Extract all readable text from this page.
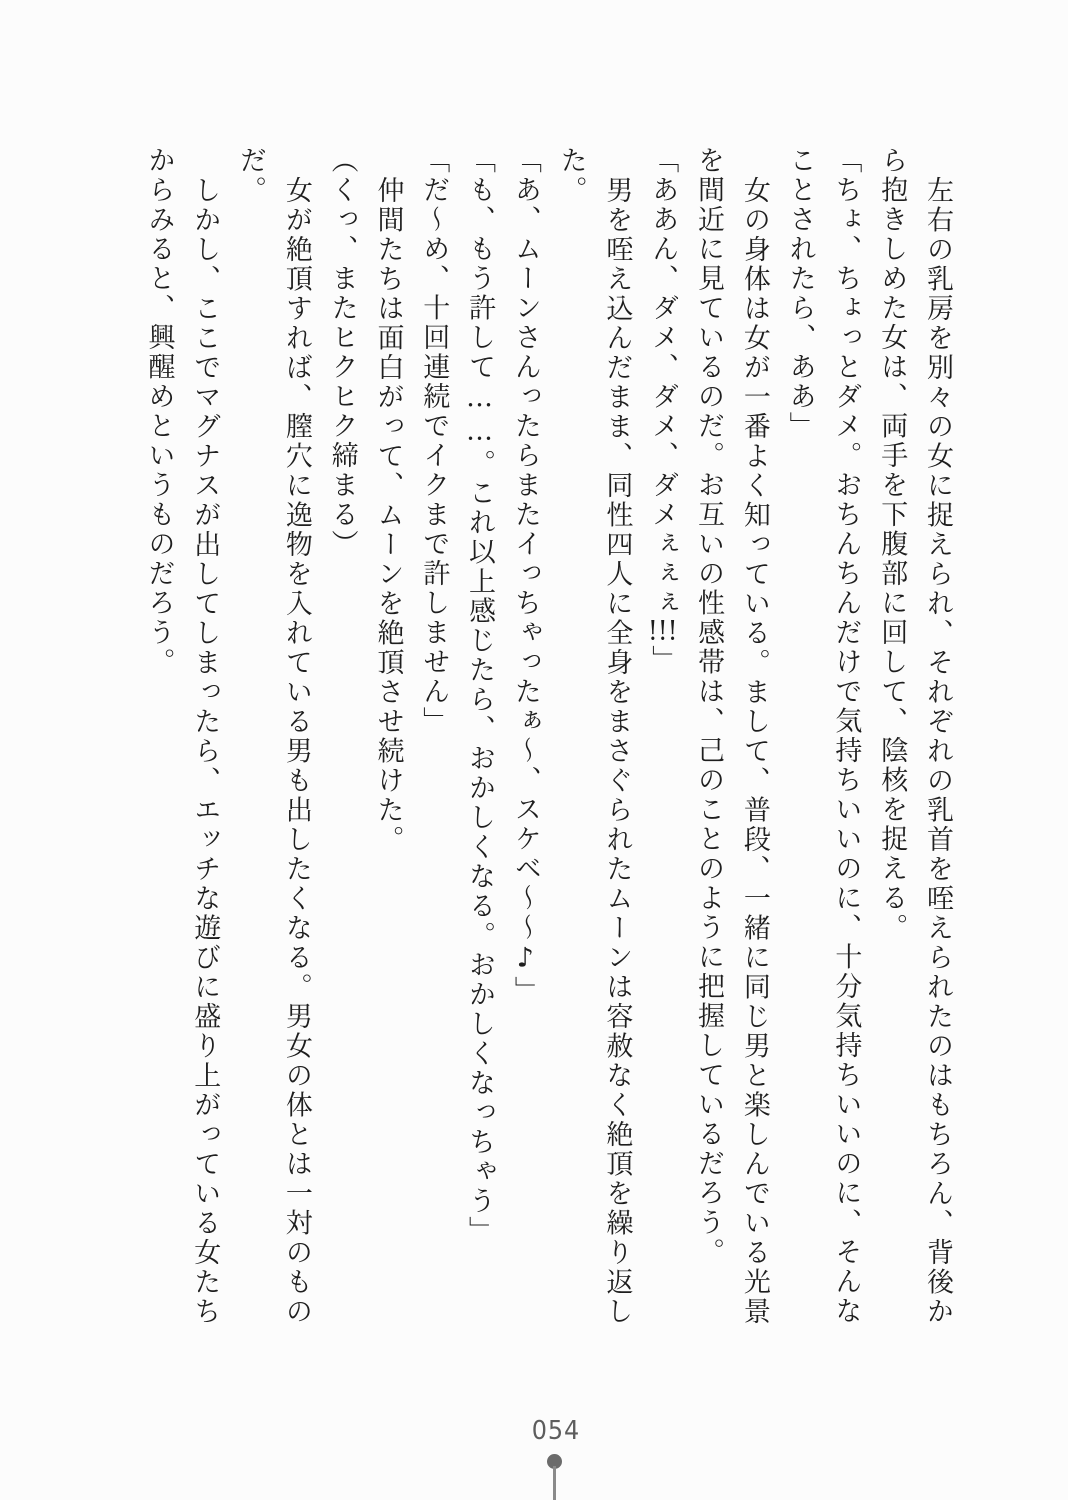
左右の乳房を別々の女に捉えられ、それぞれの乳首を咥えられたのはもちろん、背後か
ら抱きしめた女は、両手を下腹部に回して、陰核を捉える。
「ちょ、ちょっとダメ。おちんちんだけで気持ちいいのに、十分気持ちいいのに、そんな
ことされたら、ああ」
女の身体は女が一番よく知っている。まして、普段、一緒に同じ男と楽しんでいる光景
を間近に見ているのだ。お互いの性感帯は、己のことのように把握しているだろう。
「ああん、ダメ、ダメ、ダメぇぇぇ!!!」
男を咥え込んだまま、同性四人に全身をまさぐられたムーンは容赦なく絶頂を繰り返し
た。
「あ、ムーンさんったらまたイっちゃったぁ～、スケベ～～♪」
「も、もう許して……。これ以上感じたら、おかしくなる。おかしくなっちゃう」
「だ～め、十回連続でイクまで許しません」
仲間たちは面白がって、ムーンを絶頂させ続けた。
（くっ、またヒクヒク締まる）
女が絶頂すれば、膣穴に逸物を入れている男も出したくなる。男女の体とは一対のもの
だ。
しかし、ここでマグナスが出してしまったら、エッチな遊びに盛り上がっている女たち
からみると、興醒めというものだろう。
054
